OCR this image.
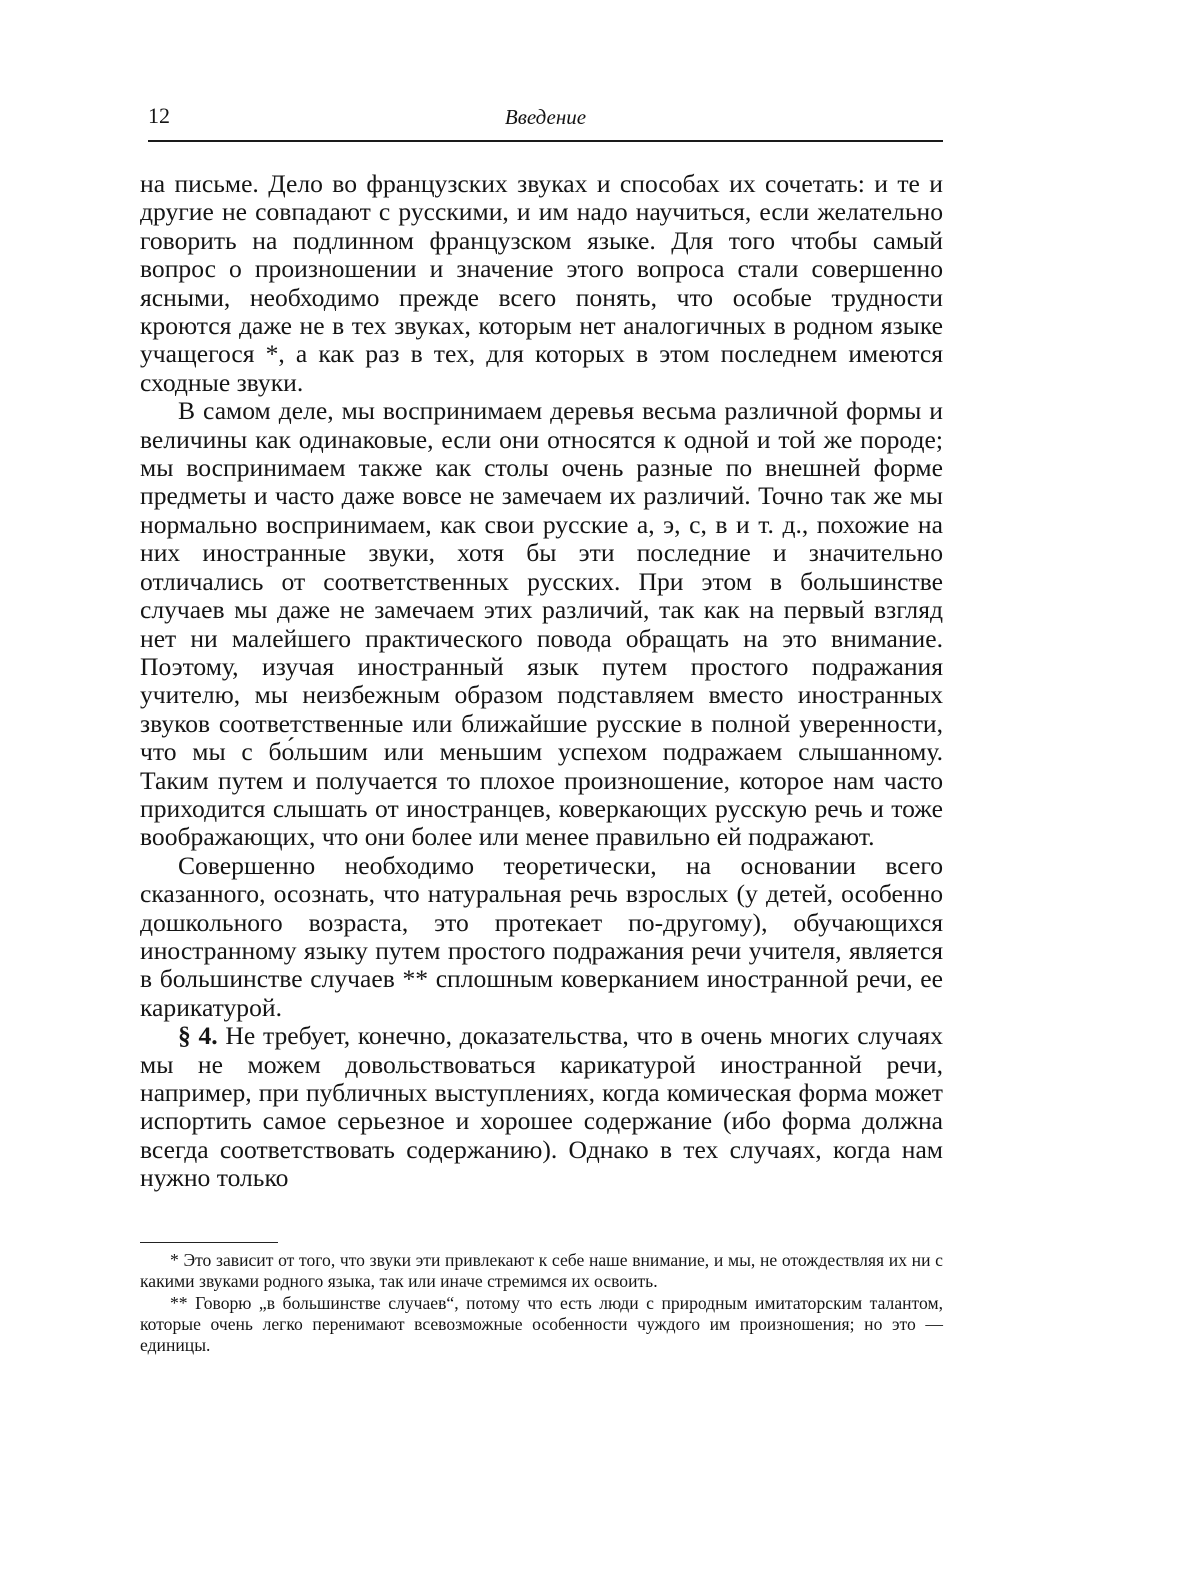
12	Введение

на письме. Дело во французских звуках и способах их сочетать: и те и другие не совпадают с русскими, и им надо научиться, если желательно говорить на подлинном французском языке. Для того чтобы самый вопрос о произношении и значение этого вопроса стали совершенно ясными, необходимо прежде всего понять, что особые трудности кроются даже не в тех звуках, которым нет аналогичных в родном языке учащегося *, а как раз в тех, для которых в этом последнем имеются сходные звуки.

В самом деле, мы воспринимаем деревья весьма различной формы и величины как одинаковые, если они относятся к одной и той же породе; мы воспринимаем также как столы очень разные по внешней форме предметы и часто даже вовсе не замечаем их различий. Точно так же мы нормально воспринимаем, как свои русские а, э, с, в и т. д., похожие на них иностранные звуки, хотя бы эти последние и значительно отличались от соответственных русских. При этом в большинстве случаев мы даже не замечаем этих различий, так как на первый взгляд нет ни малейшего практического повода обращать на это внимание. Поэтому, изучая иностранный язык путем простого подражания учителю, мы неизбежным образом подставляем вместо иностранных звуков соответственные или ближайшие русские в полной уверенности, что мы с бо́льшим или меньшим успехом подражаем слышанному. Таким путем и получается то плохое произношение, которое нам часто приходится слышать от иностранцев, коверкающих русскую речь и тоже воображающих, что они более или менее правильно ей подражают.

Совершенно необходимо теоретически, на основании всего сказанного, осознать, что натуральная речь взрослых (у детей, особенно дошкольного возраста, это протекает по-другому), обучающихся иностранному языку путем простого подражания речи учителя, является в большинстве случаев ** сплошным коверканием иностранной речи, ее карикатурой.

§ 4. Не требует, конечно, доказательства, что в очень многих случаях мы не можем довольствоваться карикатурой иностранной речи, например, при публичных выступлениях, когда комическая форма может испортить самое серьезное и хорошее содержание (ибо форма должна всегда соответствовать содержанию). Однако в тех случаях, когда нам нужно только

* Это зависит от того, что звуки эти привлекают к себе наше внимание, и мы, не отождествляя их ни с какими звуками родного языка, так или иначе стремимся их освоить.

** Говорю „в большинстве случаев“, потому что есть люди с природным имитаторским талантом, которые очень легко перенимают всевозможные особенности чуждого им произношения; но это — единицы.
